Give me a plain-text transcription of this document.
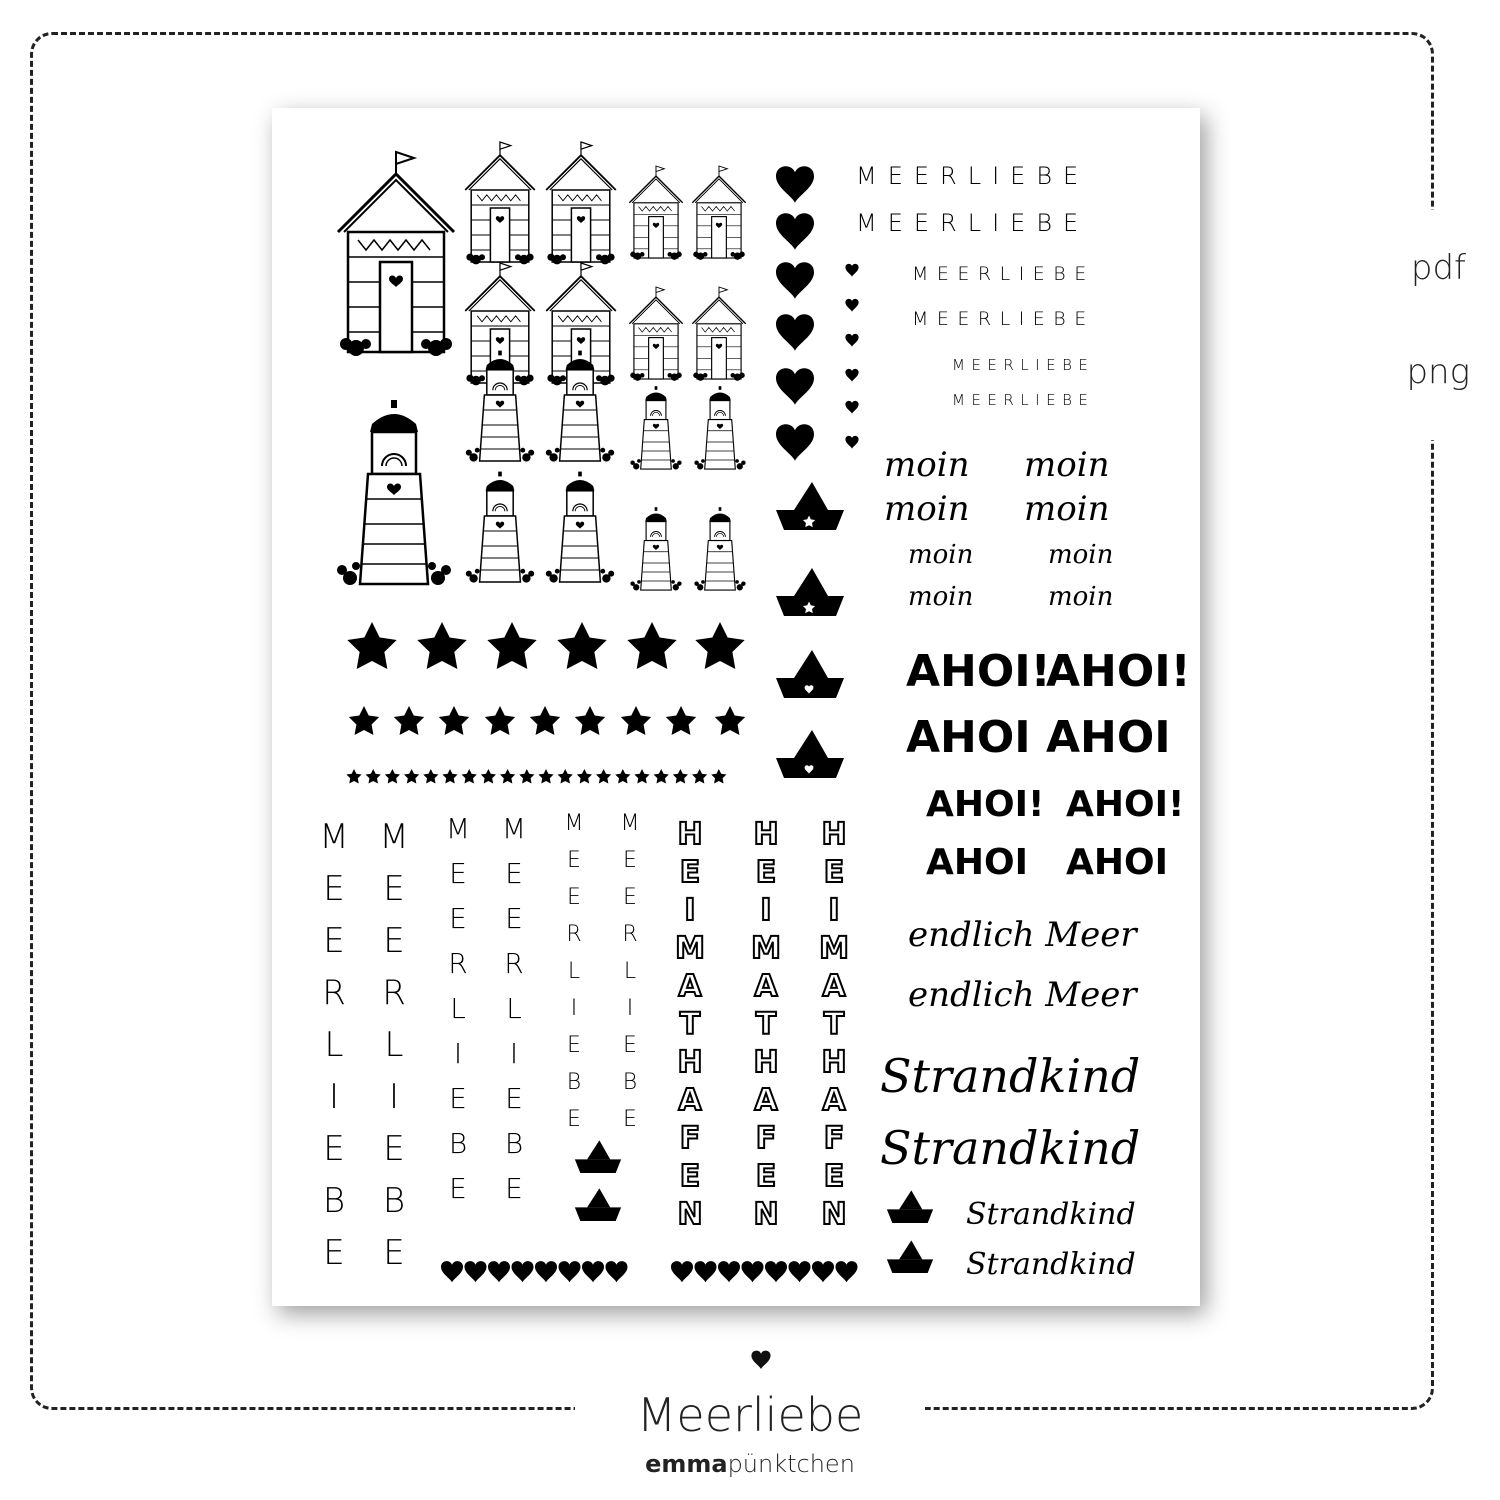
pdf
png
MEERLIEBE
MEERLIEBE
MEERLIEBE
MEERLIEBE
MEERLIEBE
MEERLIEBE
moin moin
moin moin
moin	moin
moin	moin
AHOI!
AHOI!
AHOI AHOI
AHOI! AHOI!
AHOI AHOI
endlich Meer
endlich Meer
Strandkind
Strandkind
Strandkind
Strandkind
M
E
E
R
L
I
E
B
E
M
E
E
R
L
I
E
B
E
M
E
E
R
L
I
E
B
E
M
E
E
R
L
I
E
B
E
M
E
E
R
L
I
E
B
E
M
E
E
R
L
I
E
B
E
H
E
I
M
A
T
H
A
F
E
N
H
E
I
M
A
T
H
A
F
E
N
H
E
I
M
A
T
H
A
F
E
N
Meerliebe
emmapünktchen
